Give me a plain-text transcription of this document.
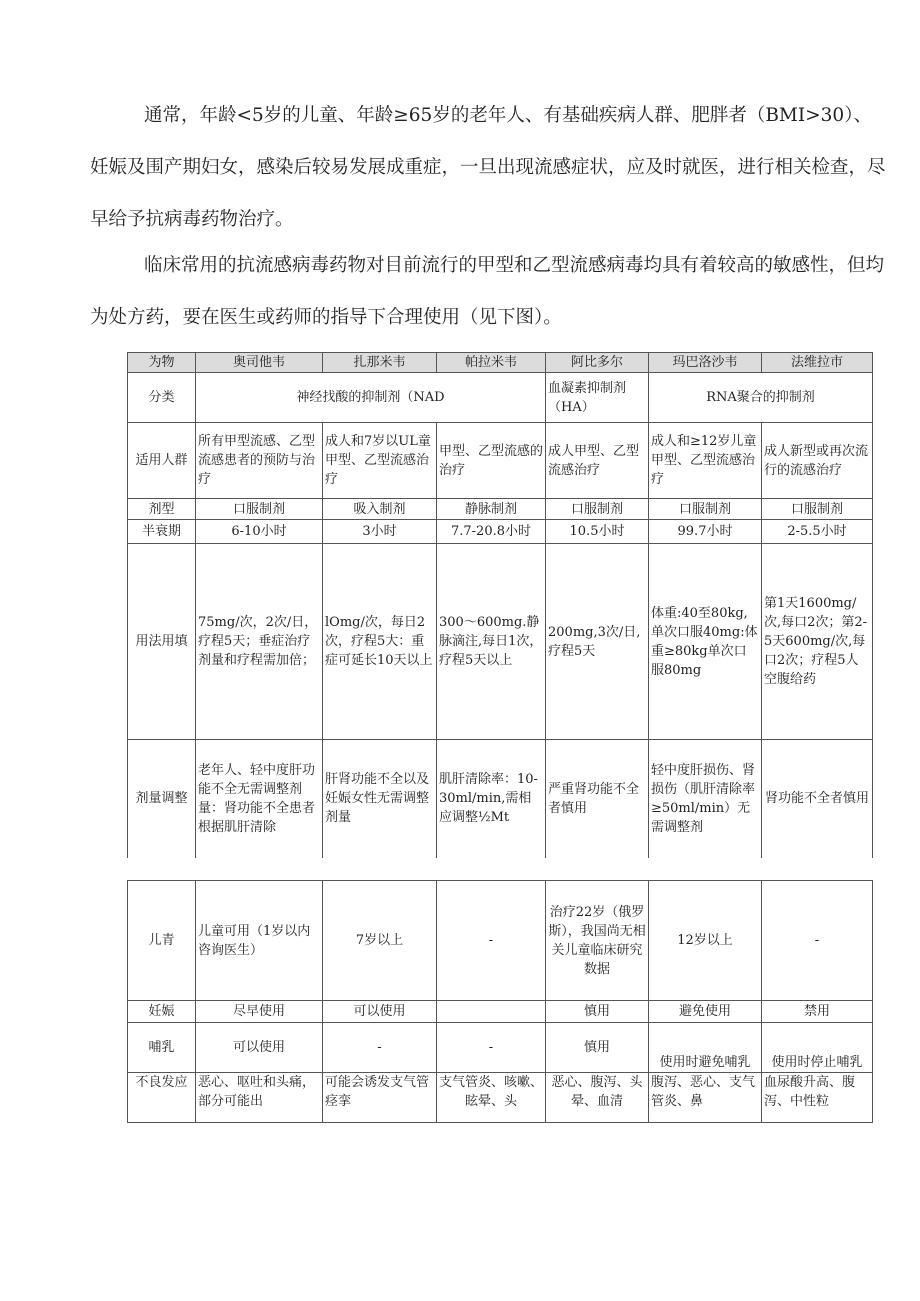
通常，年龄<5岁的儿童、年龄≥65岁的老年人、有基础疾病人群、肥胖者（BMI>30）、妊娠及围产期妇女，感染后较易发展成重症，一旦出现流感症状，应及时就医，进行相关检查，尽早给予抗病毒药物治疗。

临床常用的抗流感病毒药物对目前流行的甲型和乙型流感病毒均具有着较高的敏感性，但均为处方药，要在医生或药师的指导下合理使用（见下图）。

为物	奥司他韦	扎那米韦	帕拉米韦	阿比多尔	玛巴洛沙韦	法维拉市
分类	神经找酸的抑制剂（NAD			血凝素抑制剂（HA）	RNA聚合的抑制剂	
适用人群	所有甲型流感、乙型流感患者的预防与治疗	成人和7岁以UL童甲型、乙型流感治疗	甲型、乙型流感的治疗	成人甲型、乙型流感治疗	成人和≥12岁儿童甲型、乙型流感治疗	成人新型或再次流行的流感治疗
剂型	口服制剂	吸入制剂	静脉制剂	口服制剂	口服制剂	口服制剂
半衰期	6-10小时	3小时	7.7-20.8小时	10.5小时	99.7小时	2-5.5小时
用法用填	75mg/次，2次/日，疗程5天；垂症治疗剂量和疗程需加倍；	lOmg/次，每日2次，疗程5大：重症可延长10天以上	300～600mg.静脉滴注,每日1次，疗程5天以上	200mg,3次/日,疗程5天	体重:40至80kg,单次口服40mg:体重≥80kg单次口服80mg	第1天1600mg/次,每口2次；第2-5天600mg/次,每口2次；疗程5人空腹给药
剂量调整	老年人、轻中度肝功能不全无需调整剂量：肾功能不全患者根据肌肝清除	肝肾功能不全以及妊娠女性无需调整剂量	肌肝清除率：10-30ml/min,需相应调整½Mt	严重肾功能不全者慎用	轻中度肝损伤、肾损伤（肌肝清除率≥50ml/min）无需调整剂	肾功能不全者慎用
儿青	儿童可用（1岁以内咨询医生）	7岁以上	-	治疗22岁（俄罗斯），我国尚无相关儿童临床研究数据	12岁以上	-
妊娠	尽早使用	可以使用		慎用	避免使用	禁用
哺乳	可以使用	-	-	慎用	使用时避免哺乳	使用时停止哺乳
不良发应	恶心、呕吐和头痛，部分可能出	可能会诱发支气管痉挛	支气管炎、咳嗽、眩晕、头	恶心、腹泻、头晕、血清	腹泻、恶心、支气管炎、鼻	血尿酸升高、腹泻、中性粒
